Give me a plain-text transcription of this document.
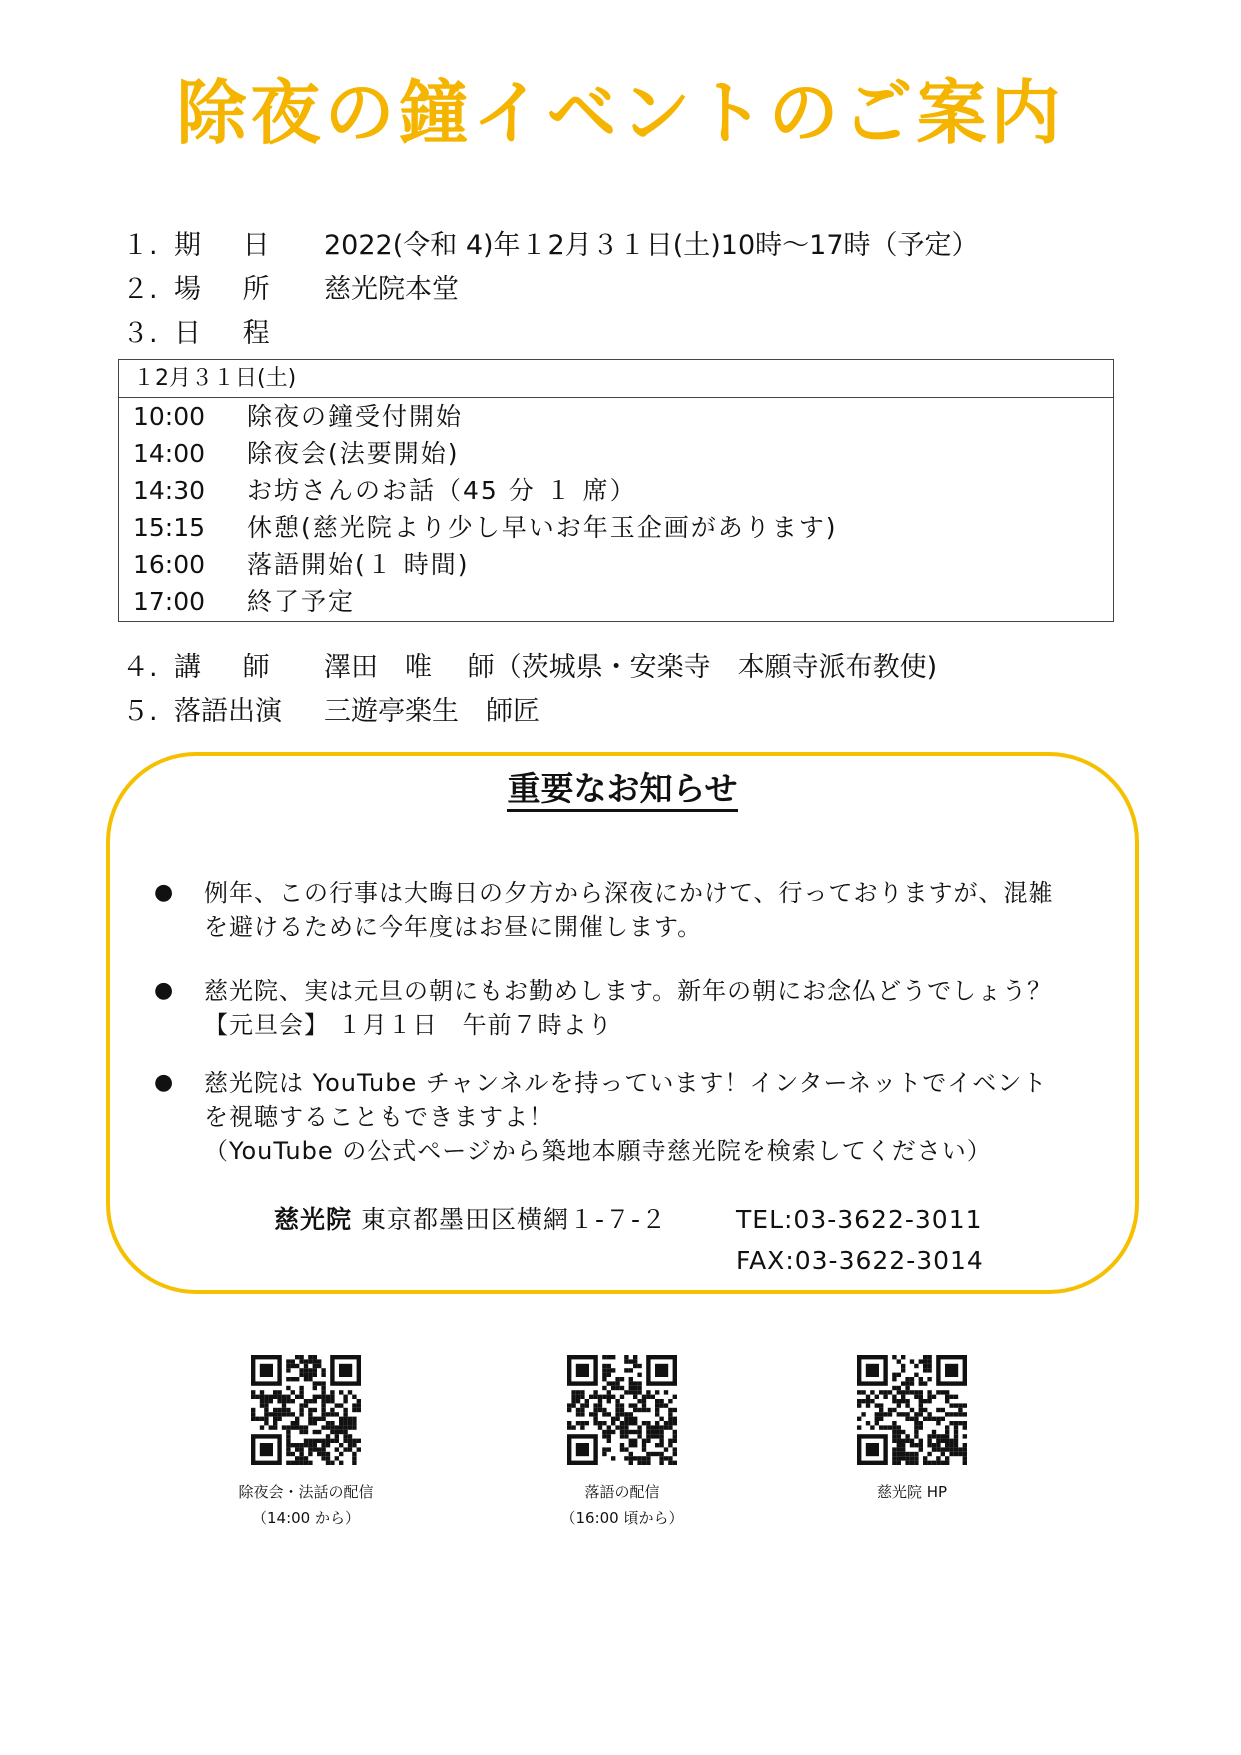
除夜の鐘イベントのご案内
１. 期　 日 2022(令和 4)年１2月３１日(土)10時～17時（予定）
２. 場　 所 慈光院本堂
３. 日　 程
１2月３１日(土)
10:00 除夜の鐘受付開始
14:00 除夜会(法要開始)
14:30 お坊さんのお話（45 分 １ 席）
15:15 休憩(慈光院より少し早いお年玉企画があります)
16:00 落語開始(１ 時間)
17:00 終了予定
４. 講　 師 澤田　唯　 師（茨城県・安楽寺　本願寺派布教使)
５. 落語出演 三遊亭楽生　師匠
重要なお知らせ
● 例年、この行事は大晦日の夕方から深夜にかけて、行っておりますが、混雑
を避けるために今年度はお昼に開催します。
● 慈光院、実は元旦の朝にもお勤めします。新年の朝にお念仏どうでしょう？
【元旦会】 １月１日　午前７時より
● 慈光院は YouTube チャンネルを持っています！インターネットでイベント
を視聴することもできますよ！
（YouTube の公式ページから築地本願寺慈光院を検索してください）
慈光院 東京都墨田区横網１-７-２	TEL:03-3622-3011
FAX:03-3622-3014
除夜会・法話の配信
（14:00 から）
落語の配信
（16:00 頃から）
慈光院 HP
